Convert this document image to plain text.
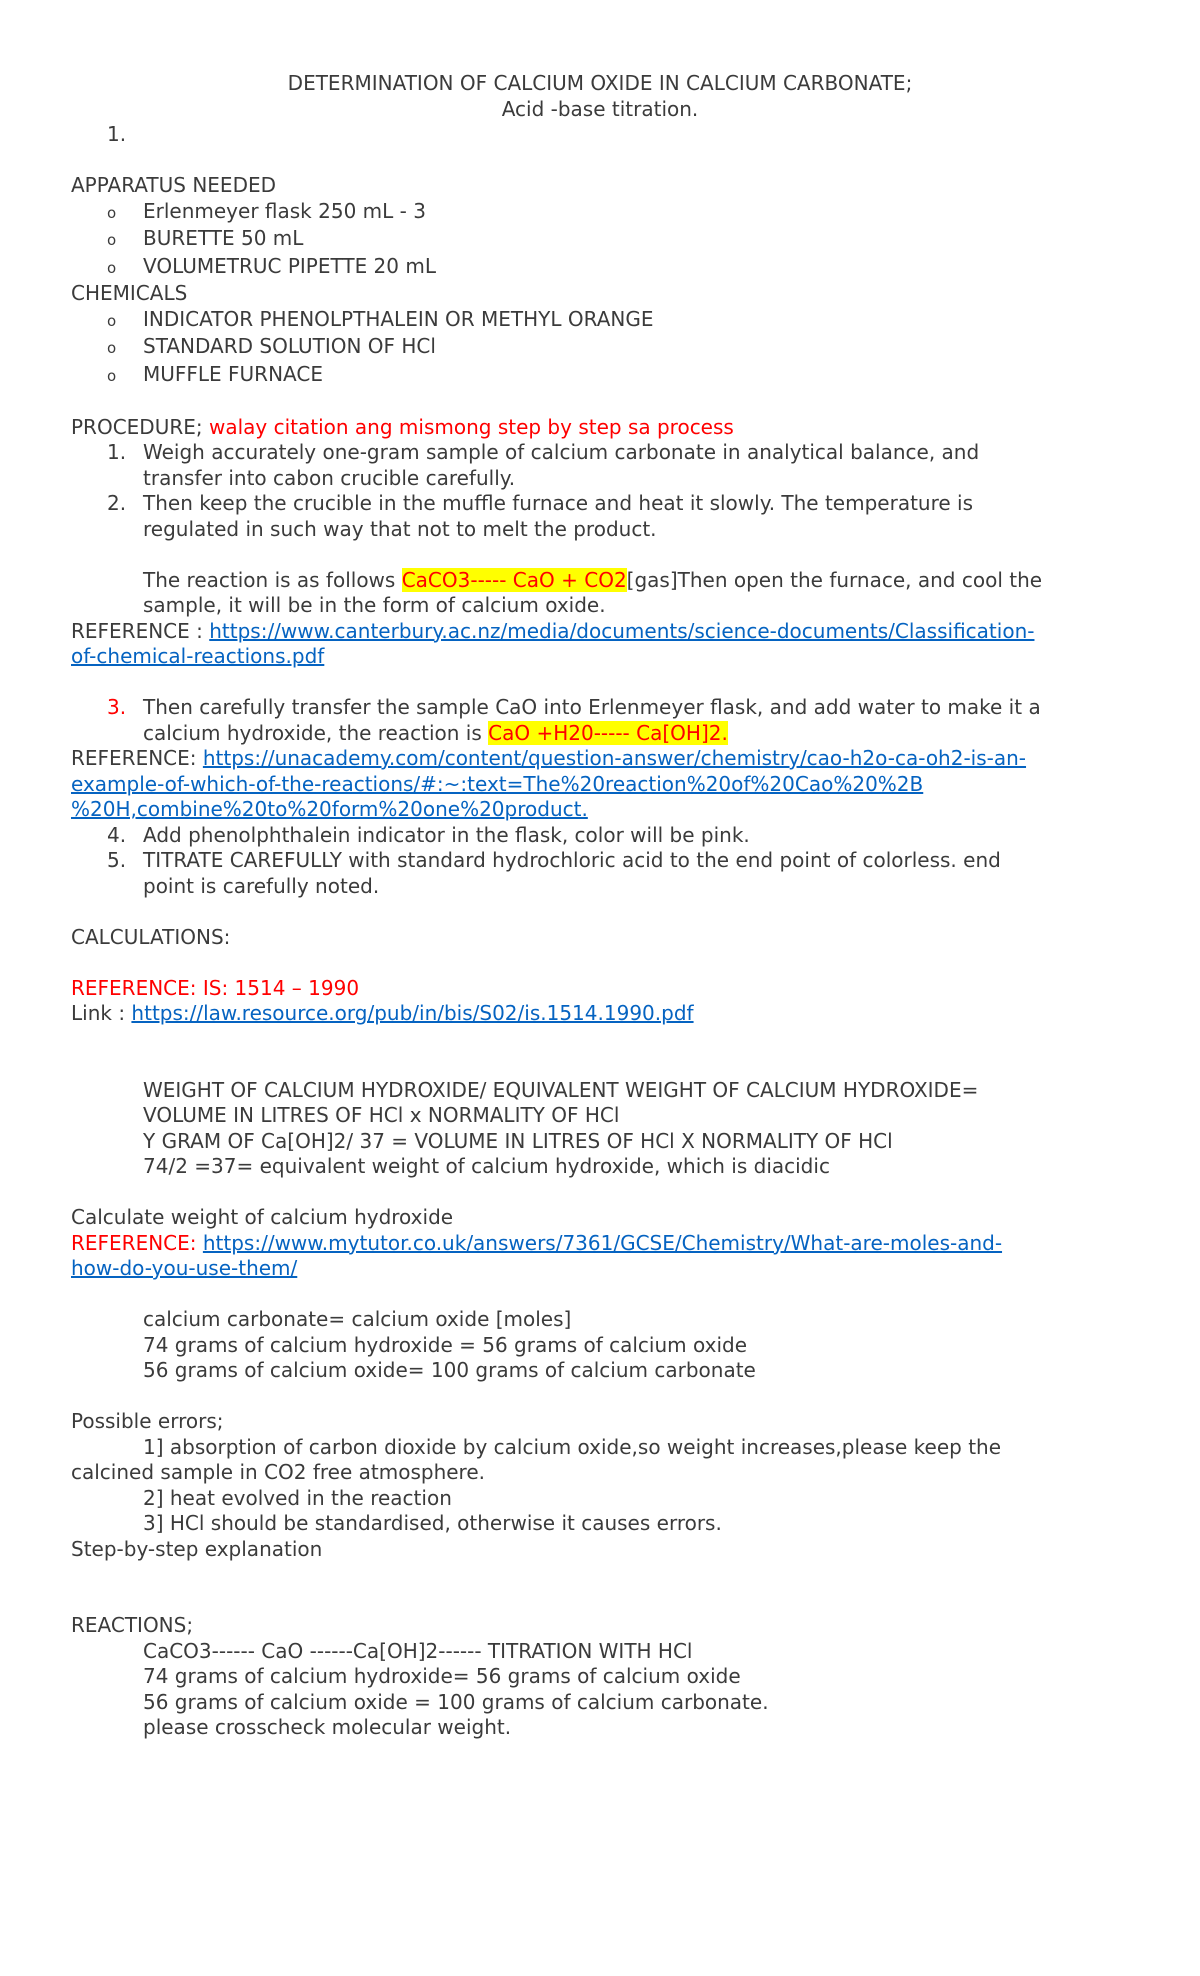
DETERMINATION OF CALCIUM OXIDE IN CALCIUM CARBONATE;
Acid -base titration.
1.
APPARATUS NEEDED
o Erlenmeyer flask 250 mL - 3
o BURETTE 50 mL
o VOLUMETRUC PIPETTE 20 mL
CHEMICALS
o INDICATOR PHENOLPTHALEIN OR METHYL ORANGE
o STANDARD SOLUTION OF HCl
o MUFFLE FURNACE
PROCEDURE; walay citation ang mismong step by step sa process
1. Weigh accurately one-gram sample of calcium carbonate in analytical balance, and
transfer into cabon crucible carefully.
2. Then keep the crucible in the muffle furnace and heat it slowly. The temperature is
regulated in such way that not to melt the product.
The reaction is as follows CaCO3----- CaO + CO2[gas]Then open the furnace, and cool the
sample, it will be in the form of calcium oxide.
REFERENCE : https://www.canterbury.ac.nz/media/documents/science-documents/Classification-
of-chemical-reactions.pdf
3. Then carefully transfer the sample CaO into Erlenmeyer flask, and add water to make it a
calcium hydroxide, the reaction is CaO +H20----- Ca[OH]2.
REFERENCE: https://unacademy.com/content/question-answer/chemistry/cao-h2o-ca-oh2-is-an-
example-of-which-of-the-reactions/#:~:text=The%20reaction%20of%20Cao%20%2B
%20H,combine%20to%20form%20one%20product.
4. Add phenolphthalein indicator in the flask, color will be pink.
5. TITRATE CAREFULLY with standard hydrochloric acid to the end point of colorless. end
point is carefully noted.
CALCULATIONS:
REFERENCE: IS: 1514 – 1990
Link : https://law.resource.org/pub/in/bis/S02/is.1514.1990.pdf
WEIGHT OF CALCIUM HYDROXIDE/ EQUIVALENT WEIGHT OF CALCIUM HYDROXIDE=
VOLUME IN LITRES OF HCl x NORMALITY OF HCl
Y GRAM OF Ca[OH]2/ 37 = VOLUME IN LITRES OF HCl X NORMALITY OF HCl
74/2 =37= equivalent weight of calcium hydroxide, which is diacidic
Calculate weight of calcium hydroxide
REFERENCE: https://www.mytutor.co.uk/answers/7361/GCSE/Chemistry/What-are-moles-and-
how-do-you-use-them/
calcium carbonate= calcium oxide [moles]
74 grams of calcium hydroxide = 56 grams of calcium oxide
56 grams of calcium oxide= 100 grams of calcium carbonate
Possible errors;
1] absorption of carbon dioxide by calcium oxide,so weight increases,please keep the
calcined sample in CO2 free atmosphere.
2] heat evolved in the reaction
3] HCl should be standardised, otherwise it causes errors.
Step-by-step explanation
REACTIONS;
CaCO3------ CaO ------Ca[OH]2------ TITRATION WITH HCl
74 grams of calcium hydroxide= 56 grams of calcium oxide
56 grams of calcium oxide = 100 grams of calcium carbonate.
please crosscheck molecular weight.
